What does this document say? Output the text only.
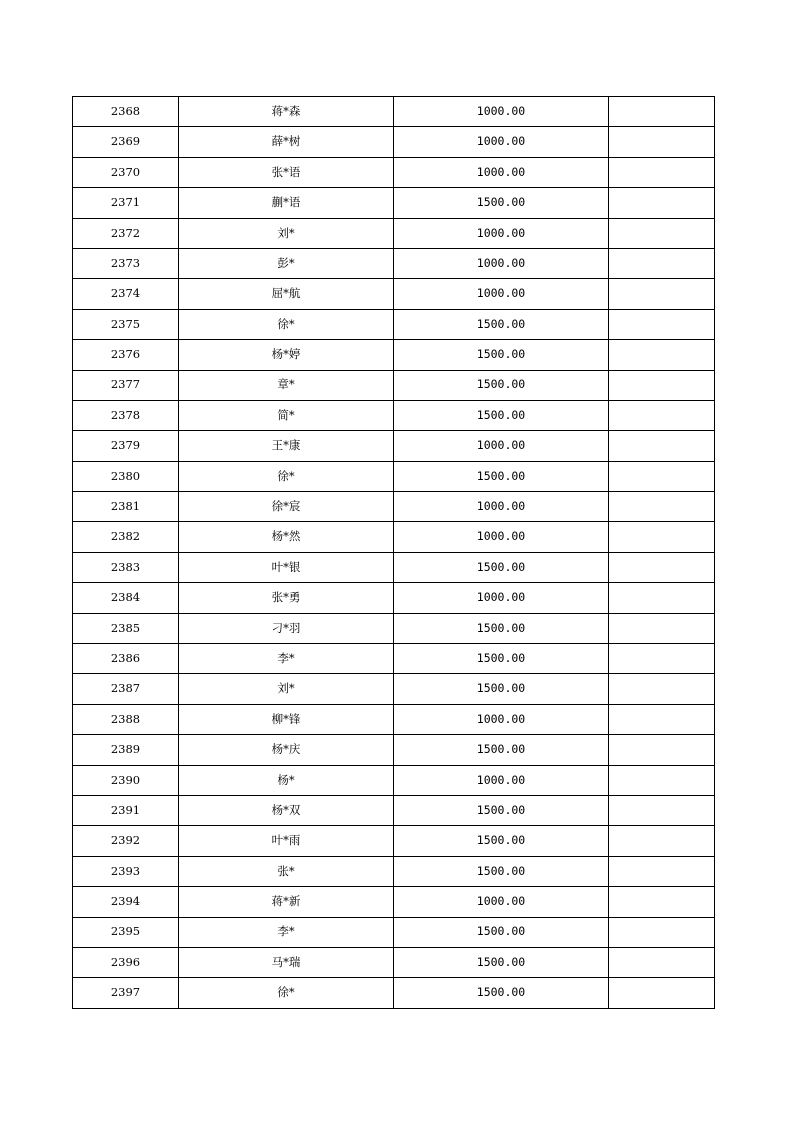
2368	蒋*森	1000.00	
2369	薛*树	1000.00	
2370	张*语	1000.00	
2371	蒯*语	1500.00	
2372	刘*	1000.00	
2373	彭*	1000.00	
2374	屈*航	1000.00	
2375	徐*	1500.00	
2376	杨*婷	1500.00	
2377	章*	1500.00	
2378	简*	1500.00	
2379	王*康	1000.00	
2380	徐*	1500.00	
2381	徐*宸	1000.00	
2382	杨*然	1000.00	
2383	叶*银	1500.00	
2384	张*勇	1000.00	
2385	刁*羽	1500.00	
2386	李*	1500.00	
2387	刘*	1500.00	
2388	柳*锋	1000.00	
2389	杨*庆	1500.00	
2390	杨*	1000.00	
2391	杨*双	1500.00	
2392	叶*雨	1500.00	
2393	张*	1500.00	
2394	蒋*新	1000.00	
2395	李*	1500.00	
2396	马*瑞	1500.00	
2397	徐*	1500.00	
